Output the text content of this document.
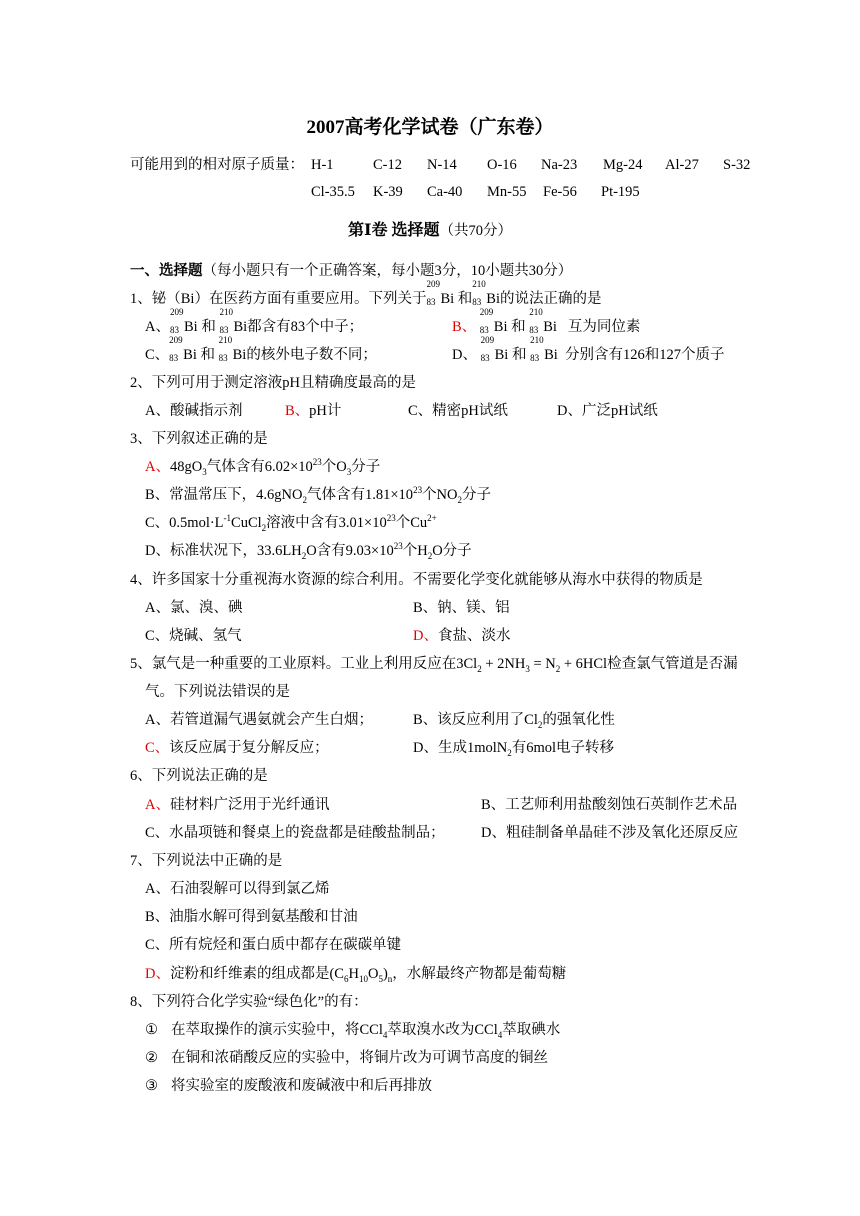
2007高考化学试卷（广东卷）
可能用到的相对原子质量： H-1	C-12 N-14 O-16 Na-23 Mg-24 Al-27 S-32
Cl-35.5 K-39 Ca-40 Mn-55 Fe-56 Pt-195
第Ⅰ卷 选择题（共70分）
一、选择题（每小题只有一个正确答案，每小题3分，10小题共30分）
1、铋（Bi）在医药方面有重要应用。下列关于
209
83 Bi 和
210
83 Bi的说法正确的是
A、
209
83 Bi 和
210
83 Bi都含有83个中子；	B、
209
83 Bi 和
210
83 Bi 互为同位素
C、
209
83 Bi 和
210
83 Bi的核外电子数不同；	D、
209
83 Bi 和
210
83 Bi 分别含有126和127个质子
2、下列可用于测定溶液pH且精确度最高的是
A、酸碱指示剂	B、pH计	C、精密pH试纸	D、广泛pH试纸
3、下列叙述正确的是
A、$48gO_3$气体含有$6.02\times 10^{23}$个$O_3$分子
B、常温常压下，4.6gNO$_2$气体含有$1.81\times 10^{23}$个$NO_2$分子
C、$0.5mol\cdot L^{-1}CuCl_2$溶液中含有$3.01\times 10^{23}$个$Cu^{2+}$
D、标准状况下，$33.6LH_2O$含有$9.03\times 10^{23}$个$H_2O$分子
4、许多国家十分重视海水资源的综合利用。不需要化学变化就能够从海水中获得的物质是
A、氯、溴、碘	B、钠、镁、铝
C、烧碱、氢气	D、食盐、淡水
5、氯气是一种重要的工业原料。工业上利用反应在$3Cl_2 + 2NH_3 = N_2 + 6HCl$检查氯气管道是否漏
气。下列说法错误的是
A、若管道漏气遇氨就会产生白烟；	B、该反应利用了$Cl_2$的强氧化性
C、该反应属于复分解反应；	D、生成1molN$_2$有6mol电子转移
6、下列说法正确的是
A、硅材料广泛用于光纤通讯	B、工艺师利用盐酸刻蚀石英制作艺术品
C、水晶项链和餐桌上的瓷盘都是硅酸盐制品；	D、粗硅制备单晶硅不涉及氧化还原反应
7、下列说法中正确的是
A、石油裂解可以得到氯乙烯
B、油脂水解可得到氨基酸和甘油
C、所有烷烃和蛋白质中都存在碳碳单键
D、淀粉和纤维素的组成都是$(C_6H_{10}O_5)_n$，水解最终产物都是葡萄糖
8、下列符合化学实验“绿色化”的有：
① 在萃取操作的演示实验中，将CCl$_4$萃取溴水改为CCl$_4$萃取碘水
② 在铜和浓硝酸反应的实验中，将铜片改为可调节高度的铜丝
③ 将实验室的废酸液和废碱液中和后再排放
